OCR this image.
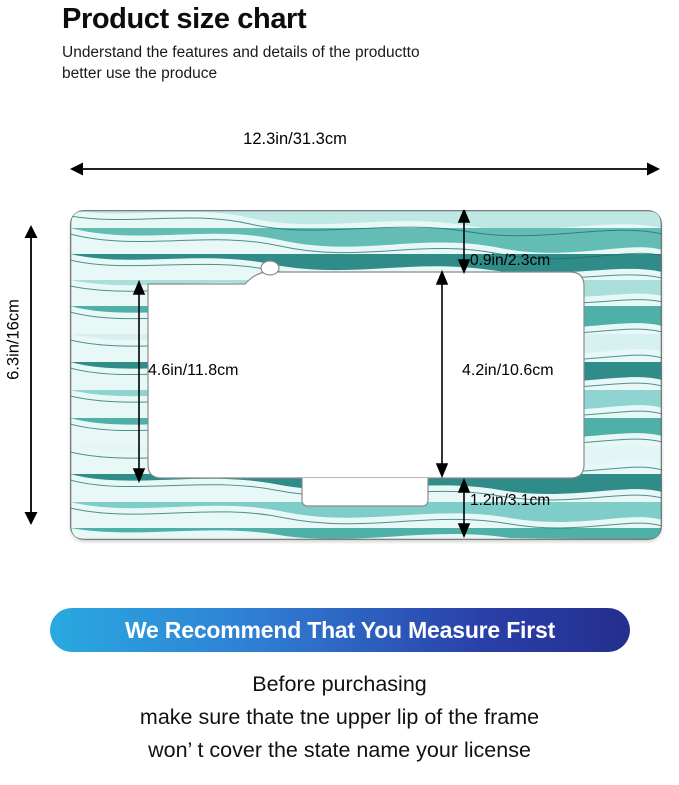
Product size chart
Understand the features and details of the productto
better use the produce
12.3in/31.3cm
6.3in/16cm	4.6in/11.8cm	4.2in/10.6cm
0.9in/2.3cm
1.2in/3.1cm
We Recommend That You Measure First
Before purchasing
make sure thate tne upper lip of the frame
won’ t cover the state name your license
